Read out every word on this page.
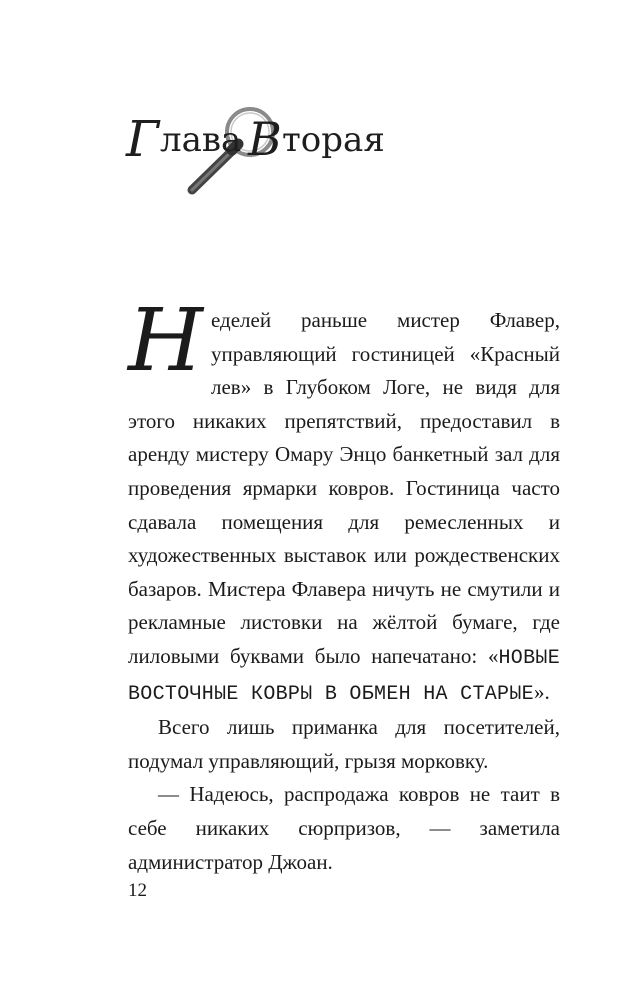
Г лава В торая

Неделей раньше мистер Флавер, управляющий гостиницей «Красный лев» в Глубоком Логе, не видя для этого никаких препятствий, предоставил в аренду мистеру Омару Энцо банкетный зал для проведения ярмарки ковров. Гостиница часто сдавала помещения для ремесленных и художественных выставок или рождественских базаров. Мистера Флавера ничуть не смутили и рекламные листовки на жёлтой бумаге, где лиловыми буквами было напечатано: «НОВЫЕ ВОСТОЧНЫЕ КОВРЫ В ОБМЕН НА СТАРЫЕ».

Всего лишь приманка для посетителей, подумал управляющий, грызя морковку.

— Надеюсь, распродажа ковров не таит в себе никаких сюрпризов, — заметила администратор Джоан.

12
